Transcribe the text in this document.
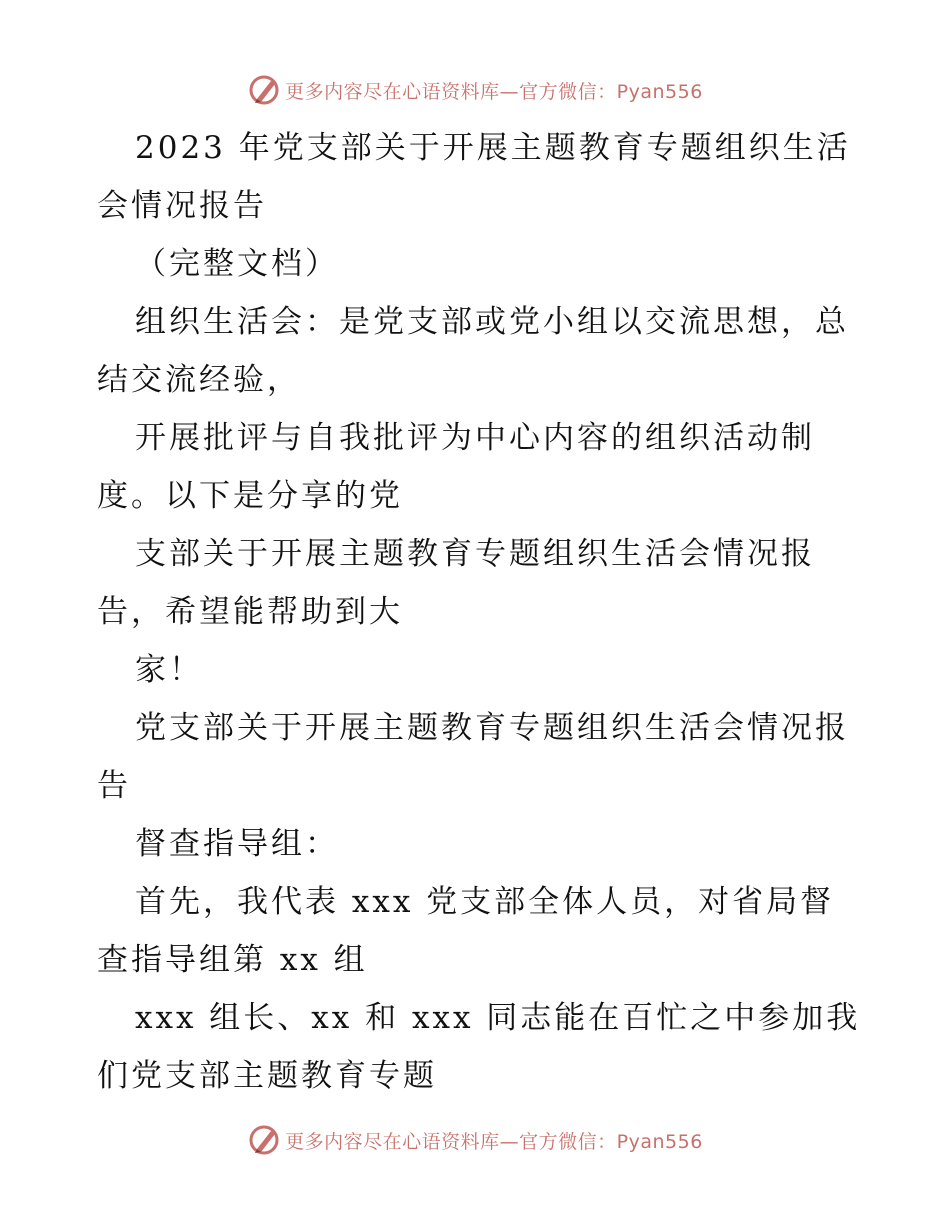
更多内容尽在心语资料库—官方微信：Pyan556
2023 年党支部关于开展主题教育专题组织生活
会情况报告
（完整文档）
组织生活会：是党支部或党小组以交流思想，总
结交流经验，
开展批评与自我批评为中心内容的组织活动制
度。以下是分享的党
支部关于开展主题教育专题组织生活会情况报
告，希望能帮助到大
家！
党支部关于开展主题教育专题组织生活会情况报
告
督查指导组：
首先，我代表 xxx 党支部全体人员，对省局督
查指导组第 xx 组
xxx 组长、xx 和 xxx 同志能在百忙之中参加我
们党支部主题教育专题
更多内容尽在心语资料库—官方微信：Pyan556
